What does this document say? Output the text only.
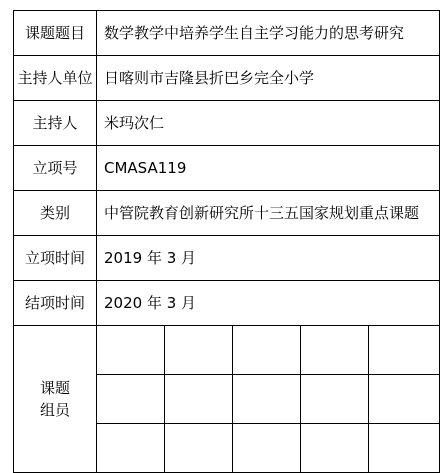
课题题目	数学教学中培养学生自主学习能力的思考研究				
主持人单位	日喀则市吉隆县折巴乡完全小学				
主持人	米玛次仁				
立项号	CMASA119				
类别	中管院教育创新研究所十三五国家规划重点课题				
立项时间	2019 年 3 月				
结项时间	2020 年 3 月				

课题
组员					
